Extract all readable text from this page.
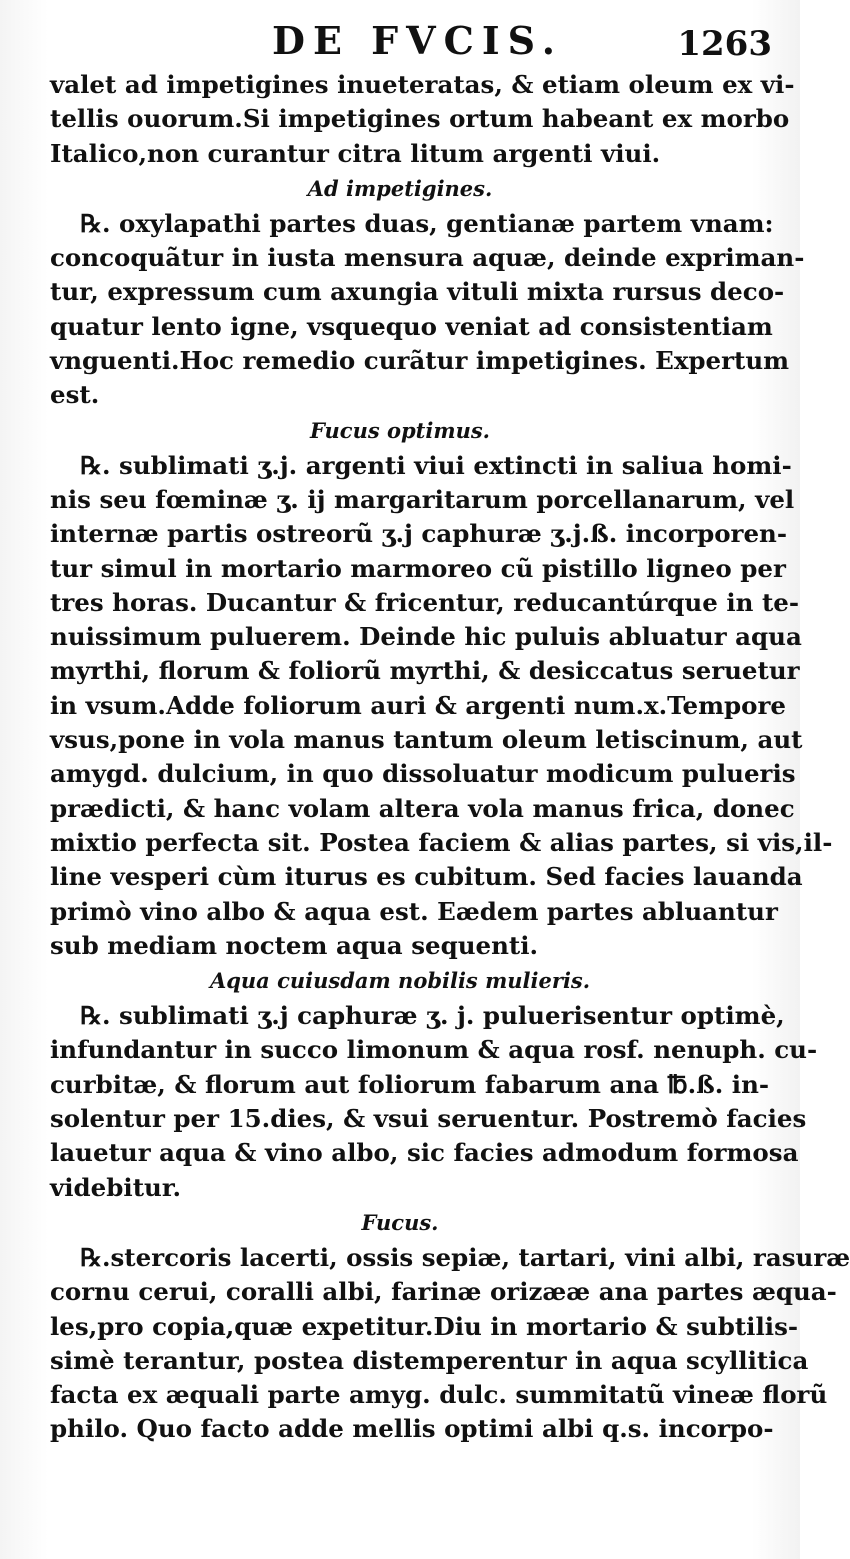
DE FVCIS.	1263
valet ad impetigines inueteratas, & etiam oleum ex vi-
tellis ouorum.Si impetigines ortum habeant ex morbo
Italico,non curantur citra litum argenti viui.
Ad impetigines.
℞. oxylapathi partes duas, gentianæ partem vnam:
concoquãtur in iusta mensura aquæ, deinde expriman-
tur, expressum cum axungia vituli mixta rursus deco-
quatur lento igne, vsquequo veniat ad consistentiam
vnguenti.Hoc remedio curãtur impetigines. Expertum
est.
Fucus optimus.
℞. sublimati ʒ.j. argenti viui extincti in saliua homi-
nis seu fœminæ ʒ. ij margaritarum porcellanarum, vel
internæ partis ostreorũ ʒ.j caphuræ ʒ.j.ß. incorporen-
tur simul in mortario marmoreo cũ pistillo ligneo per
tres horas. Ducantur & fricentur, reducantúrque in te-
nuissimum puluerem. Deinde hic puluis abluatur aqua
myrthi, florum & foliorũ myrthi, & desiccatus seruetur
in vsum.Adde foliorum auri & argenti num.x.Tempore
vsus,pone in vola manus tantum oleum letiscinum, aut
amygd. dulcium, in quo dissoluatur modicum pulueris
prædicti, & hanc volam altera vola manus frica, donec
mixtio perfecta sit. Postea faciem & alias partes, si vis,il-
line vesperi cùm iturus es cubitum. Sed facies lauanda
primò vino albo & aqua est. Eædem partes abluantur
sub mediam noctem aqua sequenti.
Aqua cuiusdam nobilis mulieris.
℞. sublimati ʒ.j caphuræ ʒ. j. puluerisentur optimè,
infundantur in succo limonum & aqua rosf. nenuph. cu-
curbitæ, & florum aut foliorum fabarum ana ℔.ß. in-
solentur per 15.dies, & vsui seruentur. Postremò facies
lauetur aqua & vino albo, sic facies admodum formosa
videbitur.
Fucus.
℞.stercoris lacerti, ossis sepiæ, tartari, vini albi, rasuræ
cornu cerui, coralli albi, farinæ orizææ ana partes æqua-
les,pro copia,quæ expetitur.Diu in mortario & subtilis-
simè terantur, postea distemperentur in aqua scyllitica
facta ex æquali parte amyg. dulc. summitatũ vineæ florũ
philo. Quo facto adde mellis optimi albi q.s. incorpo-
